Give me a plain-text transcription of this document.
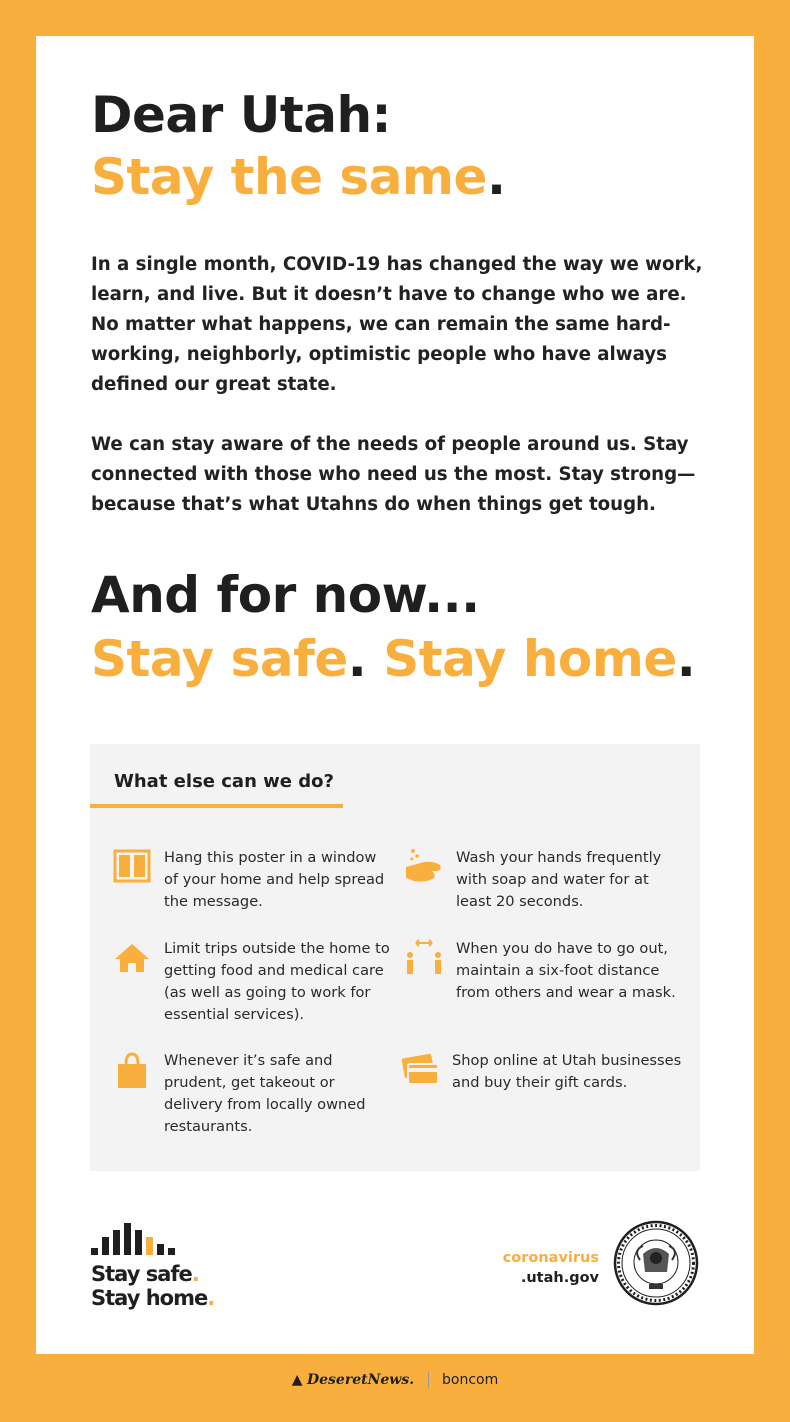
Dear Utah:
Stay the same.

In a single month, COVID-19 has changed the way we work, learn, and live. But it doesn’t have to change who we are. No matter what happens, we can remain the same hard-working, neighborly, optimistic people who have always defined our great state.

We can stay aware of the needs of people around us. Stay connected with those who need us the most. Stay strong—because that’s what Utahns do when things get tough.

And for now...
Stay safe. Stay home.
What else can we do?
Hang this poster in a window of your home and help spread the message.
Wash your hands frequently with soap and water for at least 20 seconds.
Limit trips outside the home to getting food and medical care (as well as going to work for essential services).
When you do have to go out, maintain a six-foot distance from others and wear a mask.
Whenever it’s safe and prudent, get takeout or delivery from locally owned restaurants.
Shop online at Utah businesses and buy their gift cards.
Stay safe.
Stay home.
coronavirus
.utah.gov
▲ DeseretNews. boncom
